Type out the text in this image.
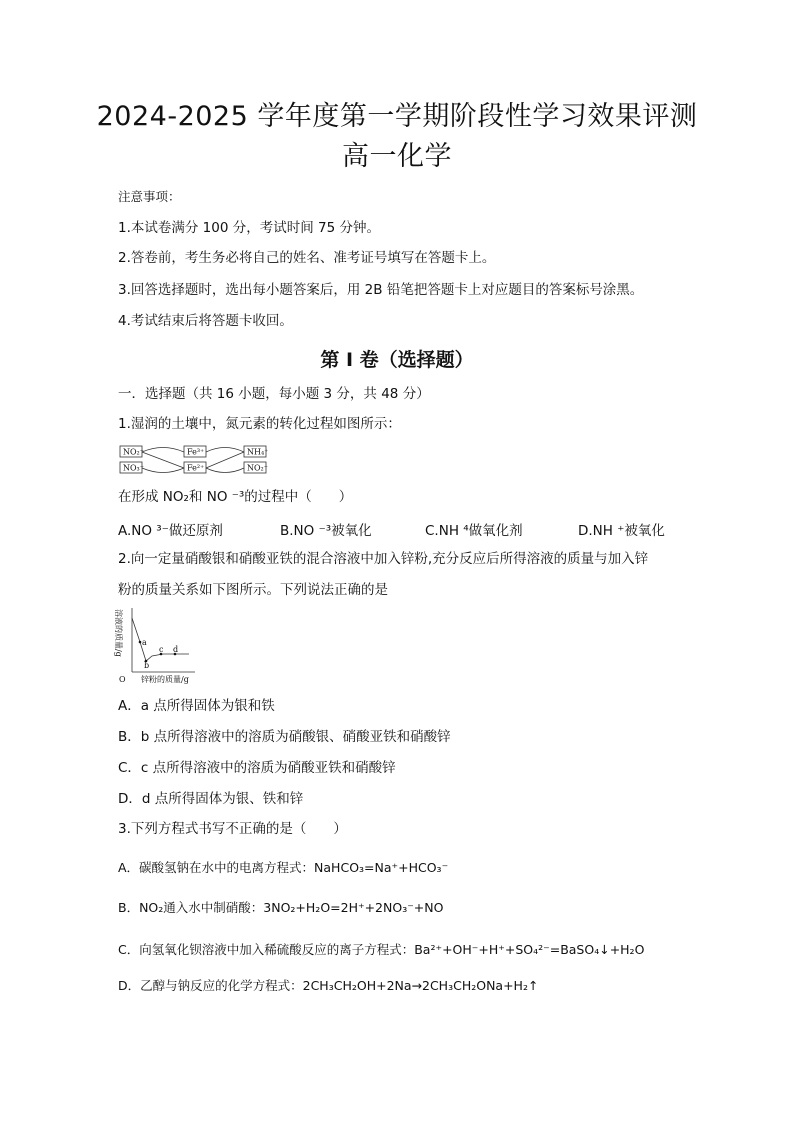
2024-2025 学年度第一学期阶段性学习效果评测
高一化学
注意事项：
1.本试卷满分 100 分，考试时间 75 分钟。
2.答卷前，考生务必将自己的姓名、准考证号填写在答题卡上。
3.回答选择题时，选出每小题答案后，用 2B 铅笔把答题卡上对应题目的答案标号涂黑。
4.考试结束后将答题卡收回。
第 I 卷（选择题）
一．选择题（共 16 小题，每小题 3 分，共 48 分）
1.湿润的土壤中，氮元素的转化过程如图所示：
NO₂⁻
NO₃⁻
Fe³⁺
Fe²⁺
NH₄⁺
NO₂⁻
在形成 NO₂和 NO ⁻³的过程中（　　）
A.NO ³⁻做还原剂	B.NO ⁻³被氧化	C.NH ⁴做氧化剂	D.NH ⁺被氧化
2.向一定量硝酸银和硝酸亚铁的混合溶液中加入锌粉,充分反应后所得溶液的质量与加入锌
粉的质量关系如下图所示。下列说法正确的是
溶液的质量/g
O 锌粉的质量/g
a
b
c d
A．a 点所得固体为银和铁
B．b 点所得溶液中的溶质为硝酸银、硝酸亚铁和硝酸锌
C．c 点所得溶液中的溶质为硝酸亚铁和硝酸锌
D．d 点所得固体为银、铁和锌
3.下列方程式书写不正确的是（　　）
A．碳酸氢钠在水中的电离方程式：NaHCO₃=Na⁺+HCO₃⁻
B．NO₂通入水中制硝酸：3NO₂+H₂O=2H⁺+2NO₃⁻+NO
C．向氢氧化钡溶液中加入稀硫酸反应的离子方程式：Ba²⁺+OH⁻+H⁺+SO₄²⁻=BaSO₄↓+H₂O
D．乙醇与钠反应的化学方程式：2CH₃CH₂OH+2Na→2CH₃CH₂ONa+H₂↑
